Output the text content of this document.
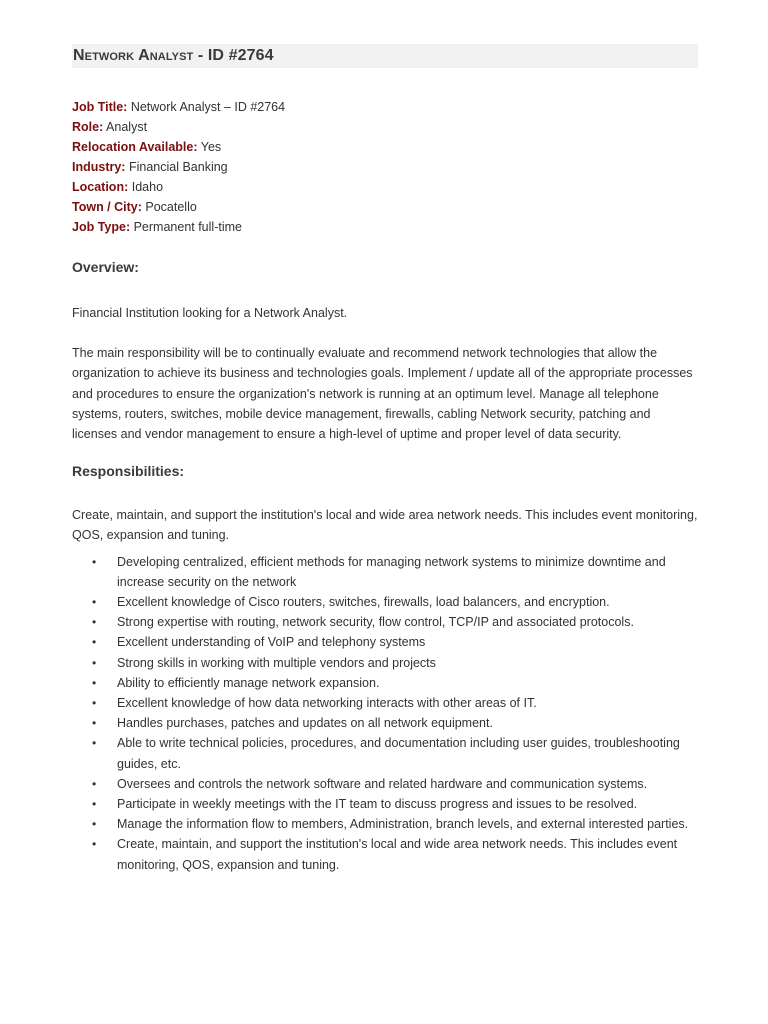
Network Analyst - ID #2764
Job Title: Network Analyst – ID #2764
Role: Analyst
Relocation Available: Yes
Industry: Financial Banking
Location: Idaho
Town / City: Pocatello
Job Type: Permanent full-time
Overview:

Financial Institution looking for a Network Analyst.

The main responsibility will be to continually evaluate and recommend network technologies that allow the organization to achieve its business and technologies goals. Implement / update all of the appropriate processes and procedures to ensure the organization's network is running at an optimum level. Manage all telephone systems, routers, switches, mobile device management, firewalls, cabling Network security, patching and licenses and vendor management to ensure a high-level of uptime and proper level of data security.

Responsibilities:

Create, maintain, and support the institution's local and wide area network needs. This includes event monitoring, QOS, expansion and tuning.

• Developing centralized, efficient methods for managing network systems to minimize downtime and increase security on the network
• Excellent knowledge of Cisco routers, switches, firewalls, load balancers, and encryption.
• Strong expertise with routing, network security, flow control, TCP/IP and associated protocols.
• Excellent understanding of VoIP and telephony systems
• Strong skills in working with multiple vendors and projects
• Ability to efficiently manage network expansion.
• Excellent knowledge of how data networking interacts with other areas of IT.
• Handles purchases, patches and updates on all network equipment.
• Able to write technical policies, procedures, and documentation including user guides, troubleshooting guides, etc.
• Oversees and controls the network software and related hardware and communication systems.
• Participate in weekly meetings with the IT team to discuss progress and issues to be resolved.
• Manage the information flow to members, Administration, branch levels, and external interested parties.
• Create, maintain, and support the institution's local and wide area network needs. This includes event monitoring, QOS, expansion and tuning.
